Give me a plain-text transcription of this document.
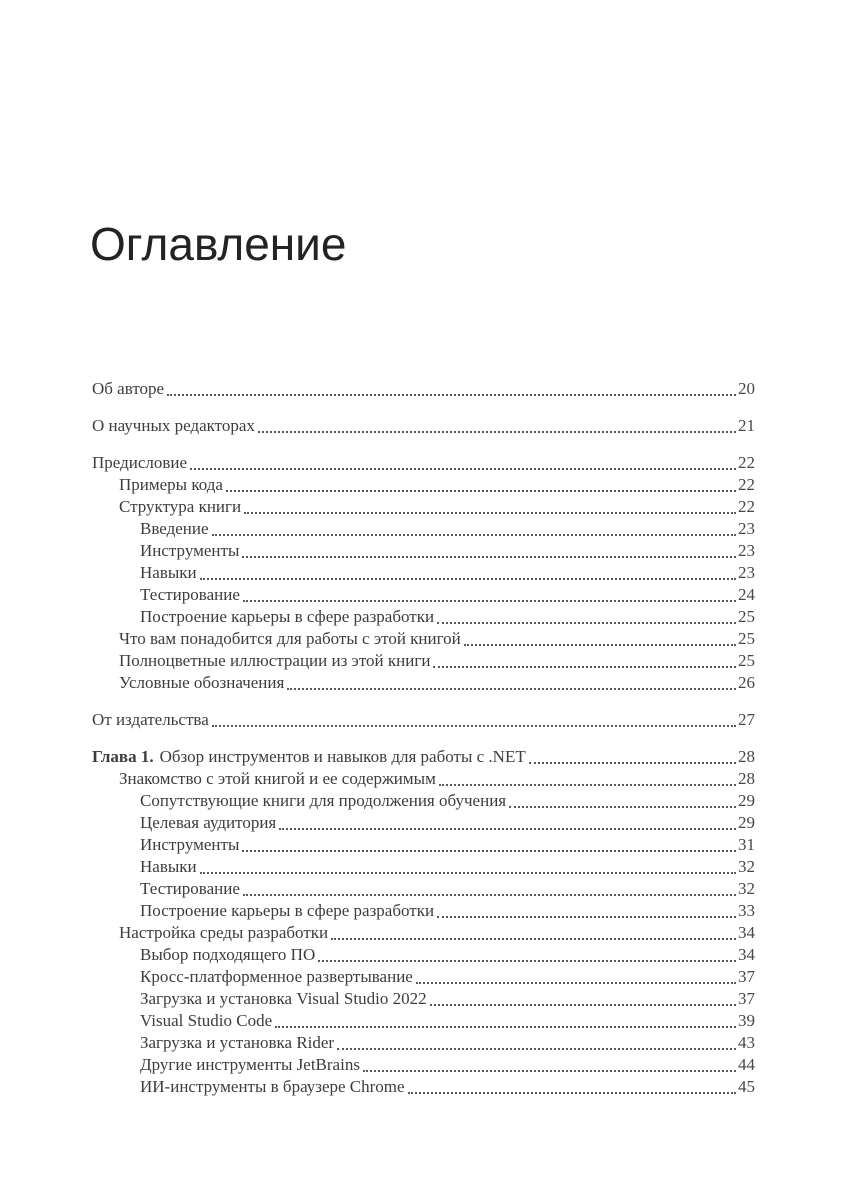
Оглавление
Об авторе	20
О научных редакторах	21
Предисловие	22
Примеры кода	22
Структура книги	22
Введение	23
Инструменты	23
Навыки	23
Тестирование	24
Построение карьеры в сфере разработки	25
Что вам понадобится для работы с этой книгой	25
Полноцветные иллюстрации из этой книги	25
Условные обозначения	26
От издательства	27
Глава 1. Обзор инструментов и навыков для работы с .NET	28
Знакомство с этой книгой и ее содержимым	28
Сопутствующие книги для продолжения обучения	29
Целевая аудитория	29
Инструменты	31
Навыки	32
Тестирование	32
Построение карьеры в сфере разработки	33
Настройка среды разработки	34
Выбор подходящего ПО	34
Кросс-платформенное развертывание	37
Загрузка и установка Visual Studio 2022	37
Visual Studio Code	39
Загрузка и установка Rider	43
Другие инструменты JetBrains	44
ИИ-инструменты в браузере Chrome	45
